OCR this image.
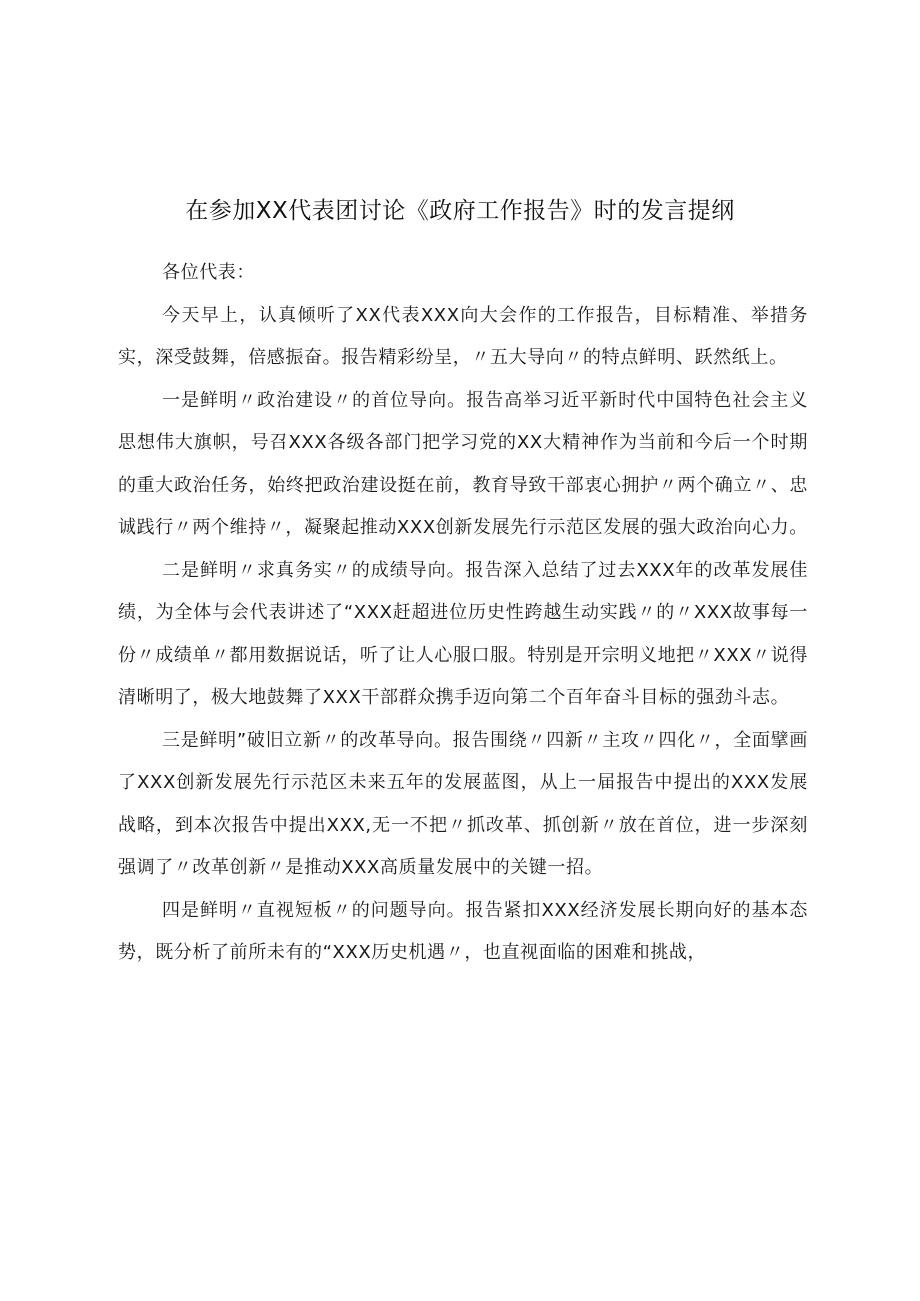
在参加XX代表团讨论《政府工作报告》时的发言提纲

各位代表：

今天早上，认真倾听了XX代表XXX向大会作的工作报告，目标精准、举措务实，深受鼓舞，倍感振奋。报告精彩纷呈，〃五大导向〃的特点鲜明、跃然纸上。

一是鲜明〃政治建设〃的首位导向。报告高举习近平新时代中国特色社会主义思想伟大旗帜，号召XXX各级各部门把学习党的XX大精神作为当前和今后一个时期的重大政治任务，始终把政治建设挺在前，教育导致干部衷心拥护〃两个确立〃、忠诚践行〃两个维持〃，凝聚起推动XXX创新发展先行示范区发展的强大政治向心力。

二是鲜明〃求真务实〃的成绩导向。报告深入总结了过去XXX年的改革发展佳绩，为全体与会代表讲述了“XXX赶超进位历史性跨越生动实践〃的〃XXX故事每一份〃成绩单〃都用数据说话，听了让人心服口服。特别是开宗明义地把〃XXX〃说得清晰明了，极大地鼓舞了XXX干部群众携手迈向第二个百年奋斗目标的强劲斗志。

三是鲜明”破旧立新〃的改革导向。报告围绕〃四新〃主攻〃四化〃，全面擘画了XXX创新发展先行示范区未来五年的发展蓝图，从上一届报告中提出的XXX发展战略，到本次报告中提出XXX,无一不把〃抓改革、抓创新〃放在首位，进一步深刻强调了〃改革创新〃是推动XXX高质量发展中的关键一招。

四是鲜明〃直视短板〃的问题导向。报告紧扣XXX经济发展长期向好的基本态势，既分析了前所未有的“XXX历史机遇〃，也直视面临的困难和挑战，
